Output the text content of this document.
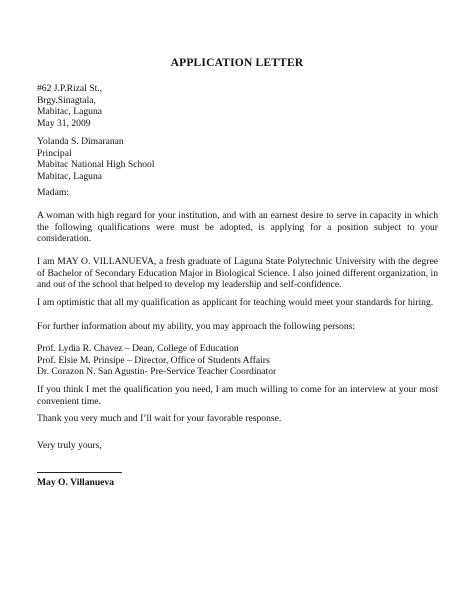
APPLICATION LETTER
#62 J.P.Rizal St.,
Brgy.Sinagtala,
Mabitac, Laguna
May 31, 2009
Yolanda S. Dimaranan
Principal
Mabitac National High School
Mabitac, Laguna
Madam:
A woman with high regard for your institution, and with an earnest desire to serve in capacity in which
the following qualifications were must be adopted, is applying for a position subject to your
consideration.
I am MAY O. VILLANUEVA, a fresh graduate of Laguna State Polytechnic University with the degree
of Bachelor of Secondary Education Major in Biological Science. I also joined different organization, in
and out of the school that helped to develop my leadership and self-confidence.
I am optimistic that all my qualification as applicant for teaching would meet your standards for hiring.
For further information about my ability, you may approach the following persons:
Prof. Lydia R. Chavez – Dean, College of Education
Prof. Elsie M. Prinsipe – Director, Office of Students Affairs
Dr. Corazon N. San Agustin- Pre-Service Teacher Coordinator
If you think I met the qualification you need, I am much willing to come for an interview at your most
convenient time.
Thank you very much and I’ll wait for your favorable response.
Very truly yours,
May O. Villanueva
